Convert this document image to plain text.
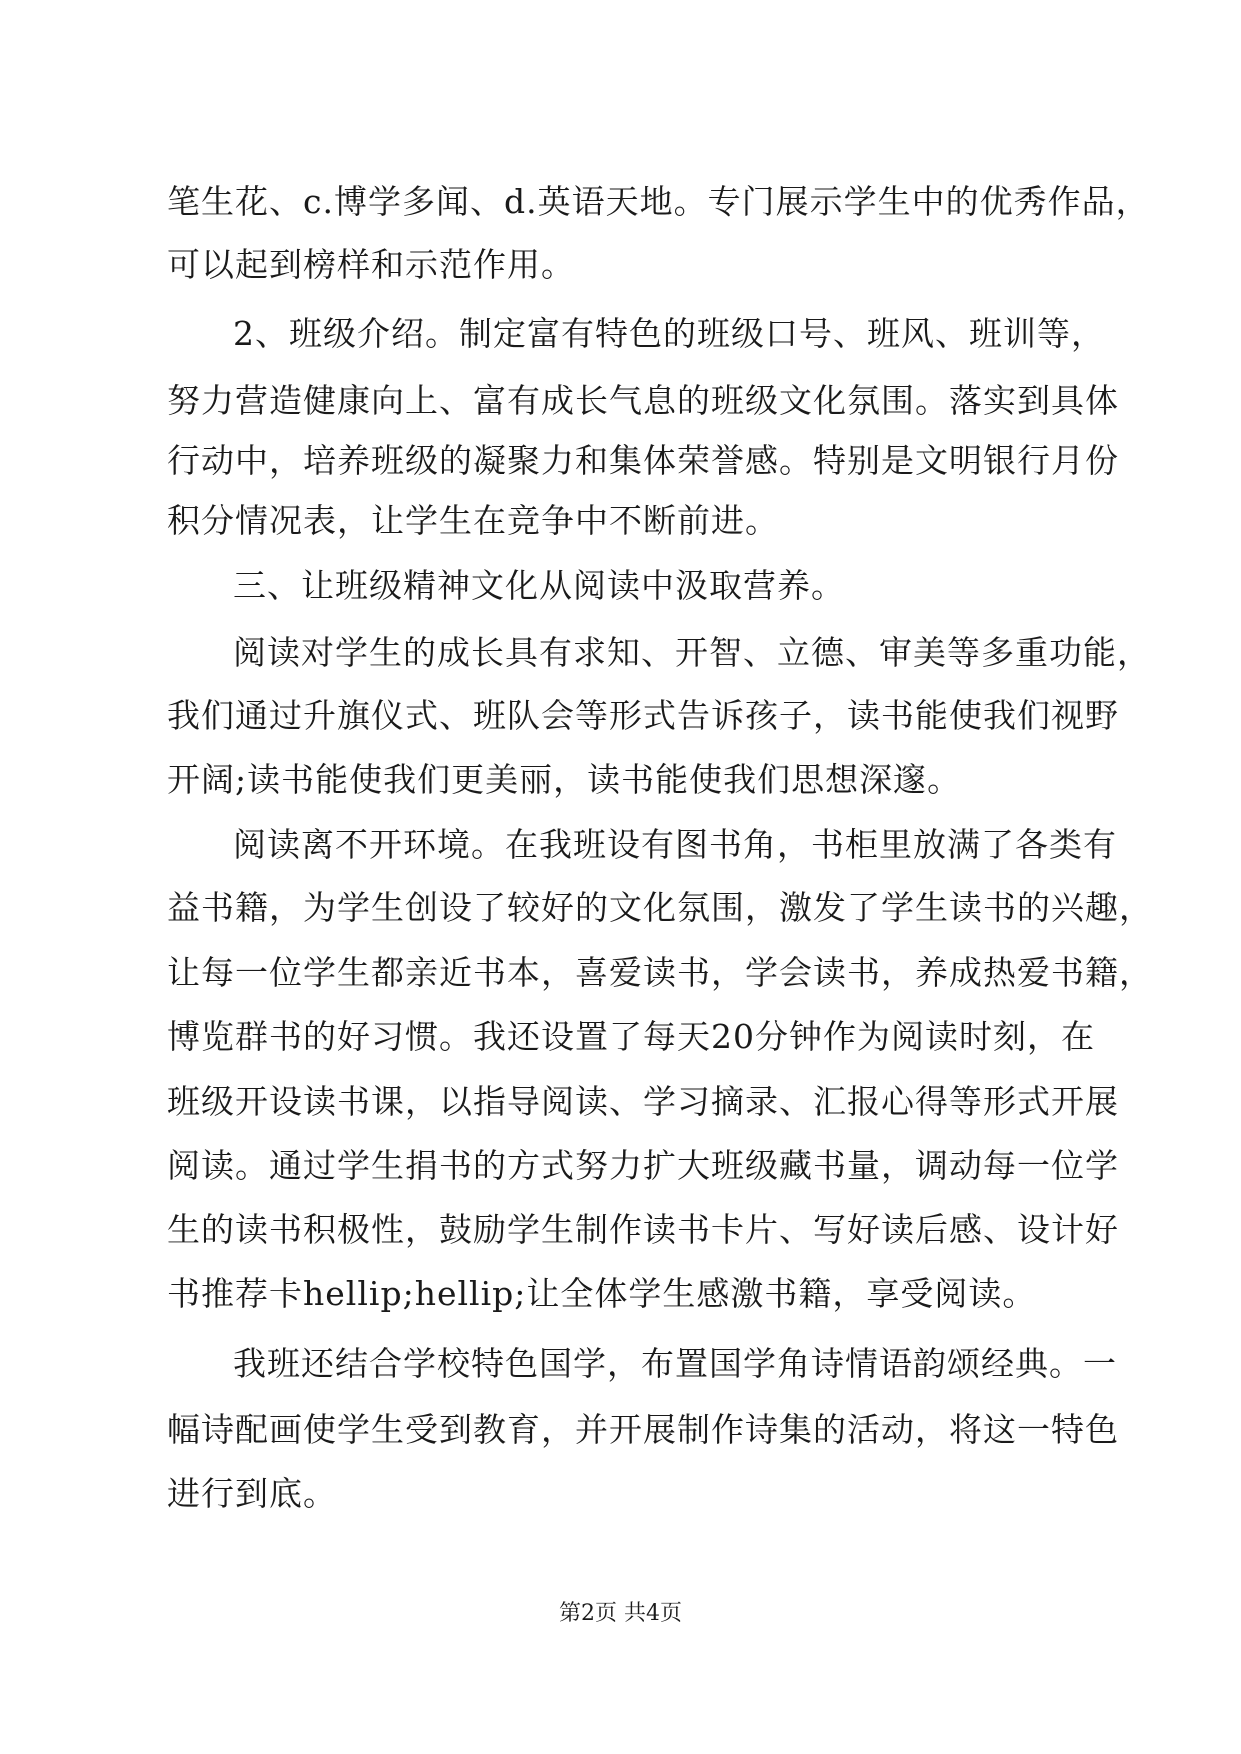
笔生花、c.博学多闻、d.英语天地。专门展示学生中的优秀作品，
可以起到榜样和示范作用。
2、班级介绍。制定富有特色的班级口号、班风、班训等，
努力营造健康向上、富有成长气息的班级文化氛围。落实到具体
行动中，培养班级的凝聚力和集体荣誉感。特别是文明银行月份
积分情况表，让学生在竞争中不断前进。
三、让班级精神文化从阅读中汲取营养。
阅读对学生的成长具有求知、开智、立德、审美等多重功能，
我们通过升旗仪式、班队会等形式告诉孩子，读书能使我们视野
开阔;读书能使我们更美丽，读书能使我们思想深邃。
阅读离不开环境。在我班设有图书角，书柜里放满了各类有
益书籍，为学生创设了较好的文化氛围，激发了学生读书的兴趣，
让每一位学生都亲近书本，喜爱读书，学会读书，养成热爱书籍，
博览群书的好习惯。我还设置了每天20分钟作为阅读时刻，在
班级开设读书课，以指导阅读、学习摘录、汇报心得等形式开展
阅读。通过学生捐书的方式努力扩大班级藏书量，调动每一位学
生的读书积极性，鼓励学生制作读书卡片、写好读后感、设计好
书推荐卡hellip;hellip;让全体学生感激书籍，享受阅读。
我班还结合学校特色国学，布置国学角诗情语韵颂经典。一
幅诗配画使学生受到教育，并开展制作诗集的活动，将这一特色
进行到底。
第2页 共4页
